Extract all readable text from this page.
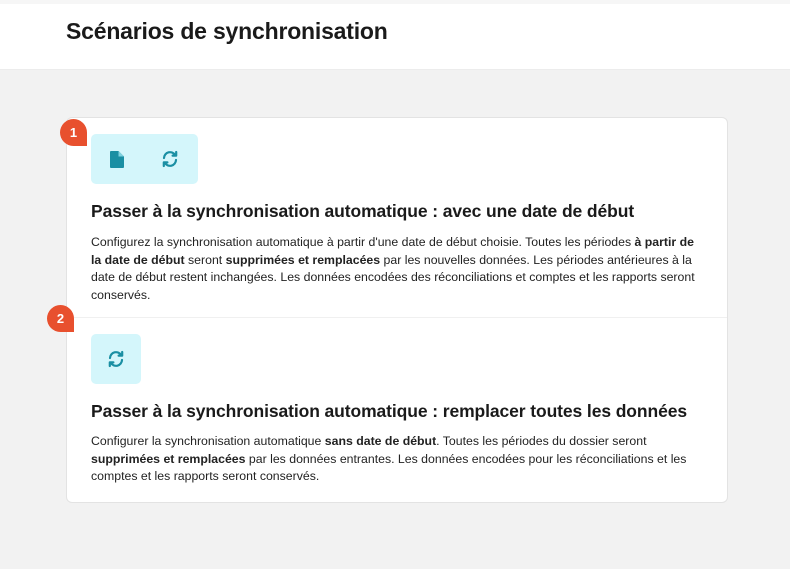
Scénarios de synchronisation
Passer à la synchronisation automatique : avec une date de début

Configurez la synchronisation automatique à partir d'une date de début choisie. Toutes les périodes à partir de la date de début seront supprimées et remplacées par les nouvelles données. Les périodes antérieures à la date de début restent inchangées. Les données encodées des réconciliations et comptes et les rapports seront conservés.

Passer à la synchronisation automatique : remplacer toutes les données

Configurer la synchronisation automatique sans date de début. Toutes les périodes du dossier seront supprimées et remplacées par les données entrantes. Les données encodées pour les réconciliations et les comptes et les rapports seront conservés.

1
2
